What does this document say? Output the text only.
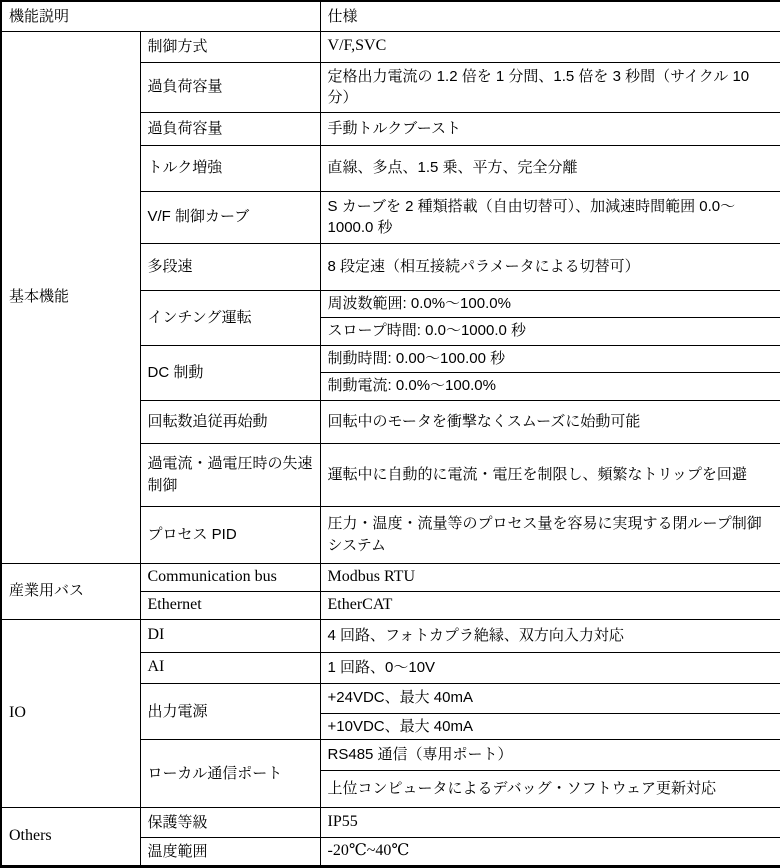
機能説明		仕様
基本機能	制御方式	V/F,SVC
	過負荷容量	定格出力電流の 1.2 倍を 1 分間、1.5 倍を 3 秒間（サイクル 10 分）
	過負荷容量	手動トルクブースト
	トルク増強	直線、多点、1.5 乗、平方、完全分離
	V/F 制御カーブ	S カーブを 2 種類搭載（自由切替可）、加減速時間範囲 0.0～1000.0 秒
	多段速	8 段定速（相互接続パラメータによる切替可）
	インチング運転	周波数範囲: 0.0%～100.0%
		スロープ時間: 0.0～1000.0 秒
	DC 制動	制動時間: 0.00～100.00 秒
		制動電流: 0.0%～100.0%
	回転数追従再始動	回転中のモータを衝撃なくスムーズに始動可能
	過電流・過電圧時の失速制御	運転中に自動的に電流・電圧を制限し、頻繁なトリップを回避
	プロセス PID	圧力・温度・流量等のプロセス量を容易に実現する閉ループ制御システム
産業用バス	Communication bus	Modbus RTU
	Ethernet	EtherCAT
IO	DI	4 回路、フォトカプラ絶縁、双方向入力対応
	AI	1 回路、0～10V
	出力電源	+24VDC、最大 40mA
		+10VDC、最大 40mA
	ローカル通信ポート	RS485 通信（専用ポート）
		上位コンピュータによるデバッグ・ソフトウェア更新対応
Others	保護等級	IP55
	温度範囲	-20℃~40℃
